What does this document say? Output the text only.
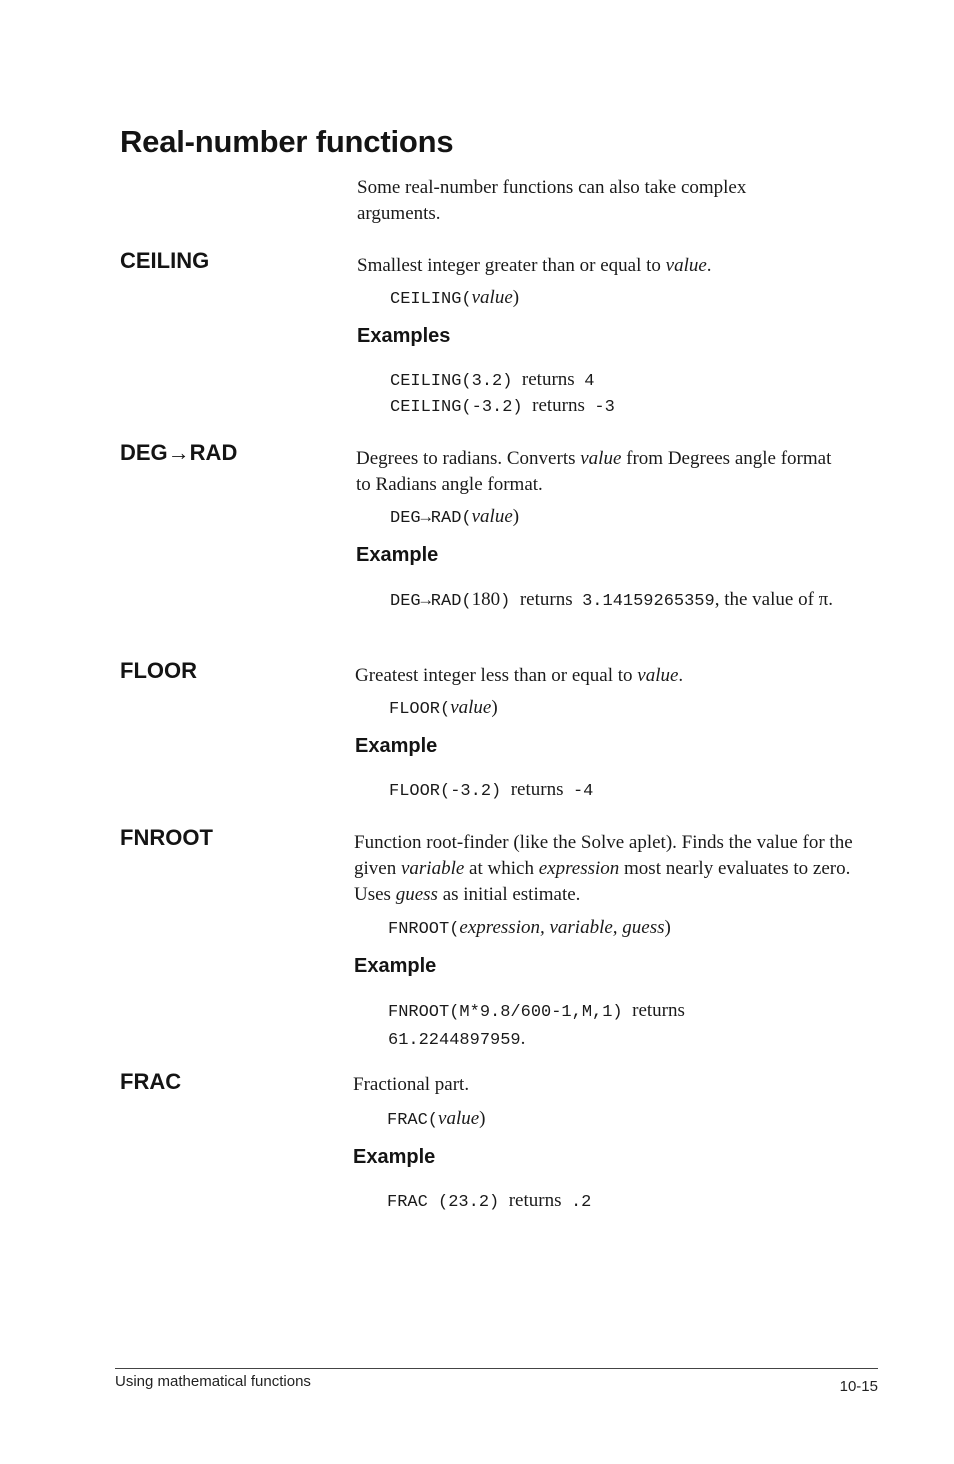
Real-number functions

Some real-number functions can also take complex arguments.

CEILING	Smallest integer greater than or equal to value.

CEILING(value)

Examples

CEILING(3.2) returns 4

CEILING(-3.2) returns -3

DEG→RAD	Degrees to radians. Converts value from Degrees angle format to Radians angle format.

DEG→RAD(value)

Example

DEG→RAD(180) returns 3.14159265359, the value of π.

FLOOR	Greatest integer less than or equal to value.

FLOOR(value)

Example

FLOOR(-3.2) returns -4

FNROOT	Function root-finder (like the Solve aplet). Finds the value for the given variable at which expression most nearly evaluates to zero. Uses guess as initial estimate.

FNROOT(expression, variable, guess)

Example

FNROOT(M*9.8/600-1,M,1) returns
61.2244897959.

FRAC	Fractional part.

FRAC(value)

Example

FRAC (23.2) returns .2

Using mathematical functions	10-15
